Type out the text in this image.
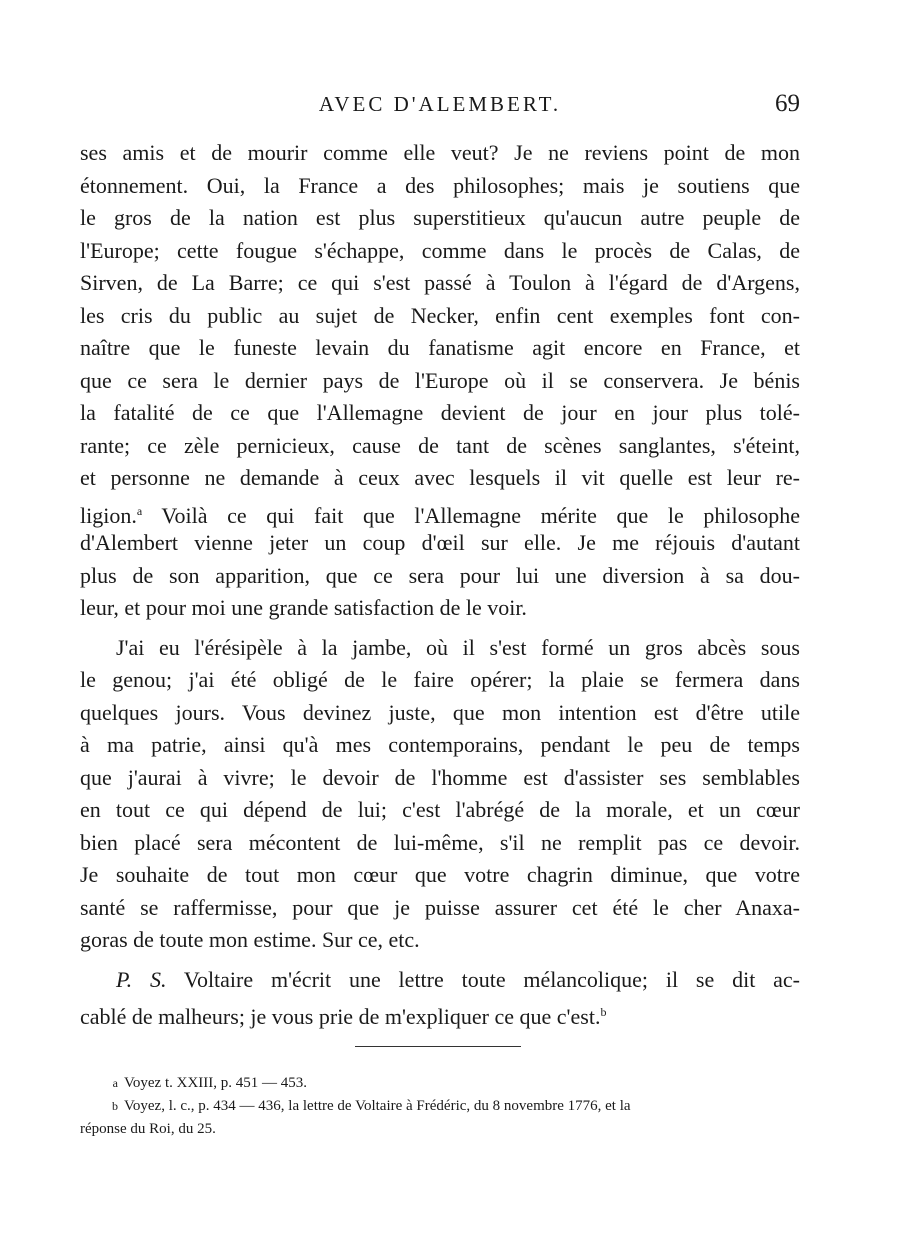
AVEC D'ALEMBERT.	69
ses amis et de mourir comme elle veut? Je ne reviens point de mon
étonnement. Oui, la France a des philosophes; mais je soutiens que
le gros de la nation est plus superstitieux qu'aucun autre peuple de
l'Europe; cette fougue s'échappe, comme dans le procès de Calas, de
Sirven, de La Barre; ce qui s'est passé à Toulon à l'égard de d'Argens,
les cris du public au sujet de Necker, enfin cent exemples font con-
naître que le funeste levain du fanatisme agit encore en France, et
que ce sera le dernier pays de l'Europe où il se conservera. Je bénis
la fatalité de ce que l'Allemagne devient de jour en jour plus tolé-
rante; ce zèle pernicieux, cause de tant de scènes sanglantes, s'éteint,
et personne ne demande à ceux avec lesquels il vit quelle est leur re-
ligion.$^a$ Voilà ce qui fait que l'Allemagne mérite que le philosophe
d'Alembert vienne jeter un coup d'œil sur elle. Je me réjouis d'autant
plus de son apparition, que ce sera pour lui une diversion à sa dou-
leur, et pour moi une grande satisfaction de le voir.
J'ai eu l'érésipèle à la jambe, où il s'est formé un gros abcès sous
le genou; j'ai été obligé de le faire opérer; la plaie se fermera dans
quelques jours. Vous devinez juste, que mon intention est d'être utile
à ma patrie, ainsi qu'à mes contemporains, pendant le peu de temps
que j'aurai à vivre; le devoir de l'homme est d'assister ses semblables
en tout ce qui dépend de lui; c'est l'abrégé de la morale, et un cœur
bien placé sera mécontent de lui-même, s'il ne remplit pas ce devoir.
Je souhaite de tout mon cœur que votre chagrin diminue, que votre
santé se raffermisse, pour que je puisse assurer cet été le cher Anaxa-
goras de toute mon estime. Sur ce, etc.
P. S. Voltaire m'écrit une lettre toute mélancolique; il se dit ac-
cablé de malheurs; je vous prie de m'expliquer ce que c'est.$^b$
a Voyez t. XXIII, p. 451 — 453.
b Voyez, l. c., p. 434 — 436, la lettre de Voltaire à Frédéric, du 8 novembre 1776, et la
réponse du Roi, du 25.
